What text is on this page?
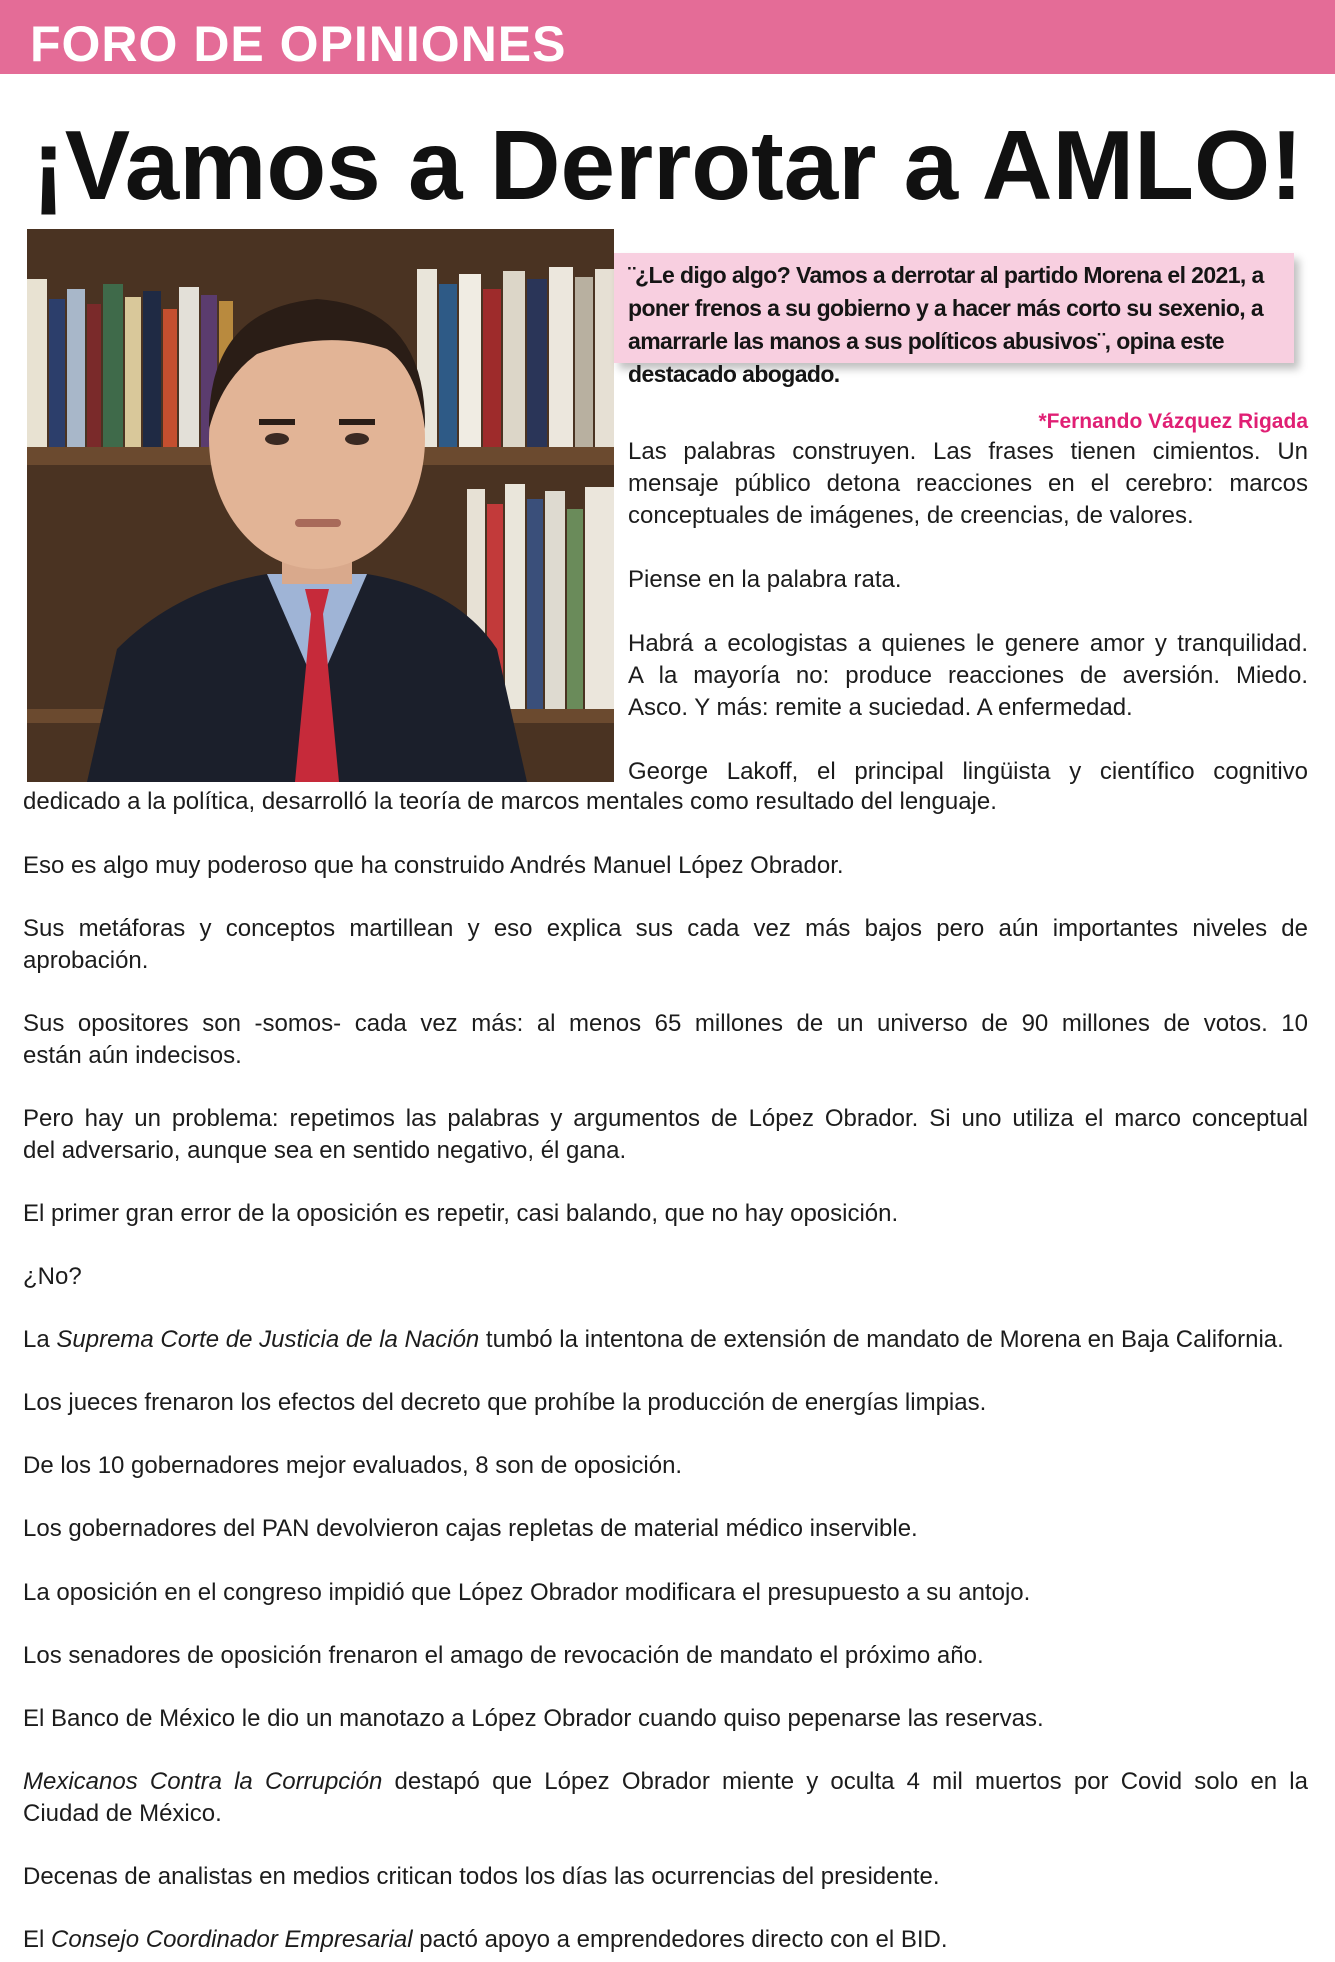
FORO DE OPINIONES
¡Vamos a Derrotar a AMLO!
¨¿Le digo algo? Vamos a derrotar al partido Morena el 2021, a poner frenos a su gobierno y a hacer más corto su sexenio, a amarrarle las manos a sus políticos abusivos¨, opina este destacado abogado.
*Fernando Vázquez Rigada
Las palabras construyen. Las frases tienen cimientos. Un
mensaje público detona reacciones en el cerebro: marcos
conceptuales de imágenes, de creencias, de valores.
Piense en la palabra rata.
Habrá a ecologistas a quienes le genere amor y tranquilidad.
A la mayoría no: produce reacciones de aversión. Miedo.
Asco. Y más: remite a suciedad. A enfermedad.
George Lakoff, el principal lingüista y científico cognitivo
dedicado a la política, desarrolló la teoría de marcos mentales como resultado del lenguaje.
Eso es algo muy poderoso que ha construido Andrés Manuel López Obrador.
Sus metáforas y conceptos martillean y eso explica sus cada vez más bajos pero aún importantes niveles de
aprobación.
Sus opositores son -somos- cada vez más: al menos 65 millones de un universo de 90 millones de votos. 10
están aún indecisos.
Pero hay un problema: repetimos las palabras y argumentos de López Obrador. Si uno utiliza el marco conceptual
del adversario, aunque sea en sentido negativo, él gana.
El primer gran error de la oposición es repetir, casi balando, que no hay oposición.
¿No?
La Suprema Corte de Justicia de la Nación tumbó la intentona de extensión de mandato de Morena en Baja California.
Los jueces frenaron los efectos del decreto que prohíbe la producción de energías limpias.
De los 10 gobernadores mejor evaluados, 8 son de oposición.
Los gobernadores del PAN devolvieron cajas repletas de material médico inservible.
La oposición en el congreso impidió que López Obrador modificara el presupuesto a su antojo.
Los senadores de oposición frenaron el amago de revocación de mandato el próximo año.
El Banco de México le dio un manotazo a López Obrador cuando quiso pepenarse las reservas.
Mexicanos Contra la Corrupción destapó que López Obrador miente y oculta 4 mil muertos por Covid solo en la
Ciudad de México.
Decenas de analistas en medios critican todos los días las ocurrencias del presidente.
El Consejo Coordinador Empresarial pactó apoyo a emprendedores directo con el BID.
